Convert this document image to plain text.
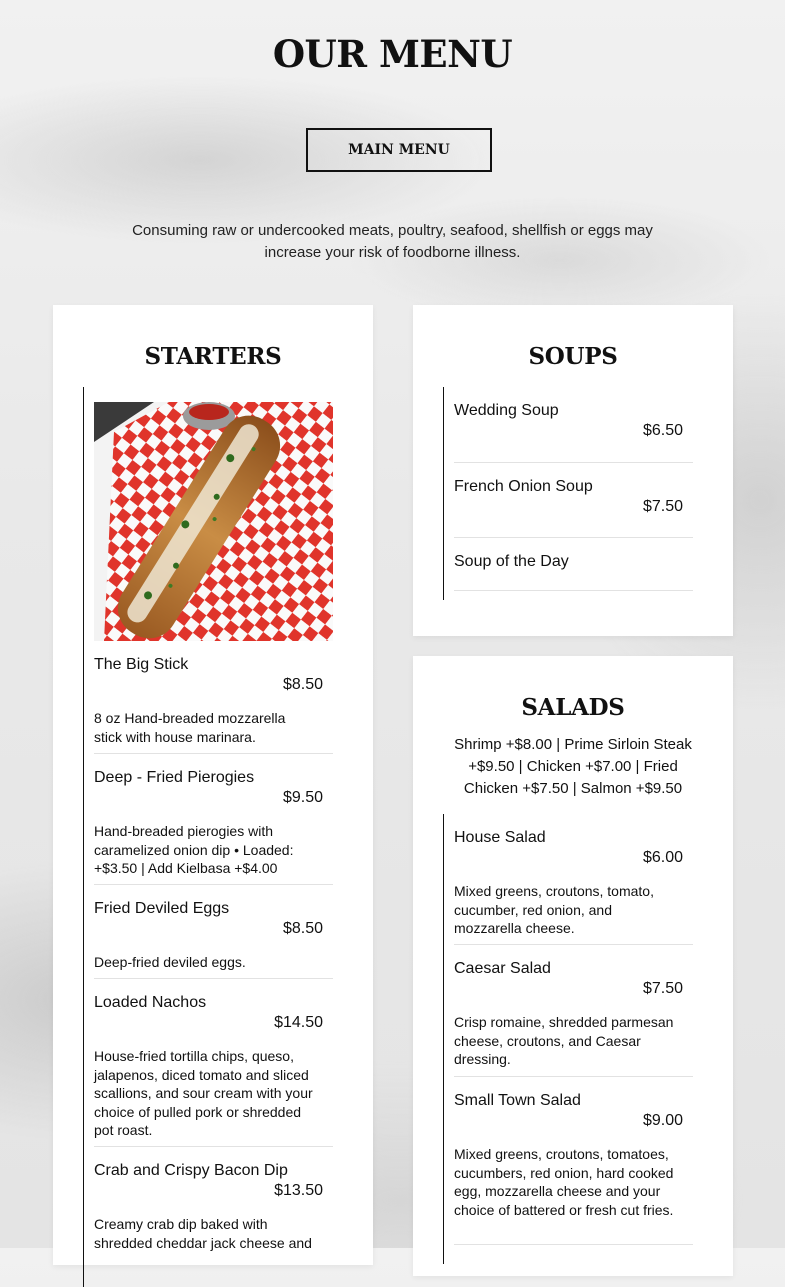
OUR MENU
MAIN MENU
Consuming raw or undercooked meats, poultry, seafood, shellfish or eggs may increase your risk of foodborne illness.
STARTERS
The Big Stick
$8.50
8 oz Hand-breaded mozzarella stick with house marinara.
Deep - Fried Pierogies
$9.50
Hand-breaded pierogies with caramelized onion dip • Loaded: +$3.50 | Add Kielbasa +$4.00
Fried Deviled Eggs
$8.50
Deep-fried deviled eggs.
Loaded Nachos
$14.50
House-fried tortilla chips, queso, jalapenos, diced tomato and sliced scallions, and sour cream with your choice of pulled pork or shredded pot roast.
Crab and Crispy Bacon Dip
$13.50
Creamy crab dip baked with shredded cheddar jack cheese and
SOUPS
Wedding Soup
$6.50
French Onion Soup
$7.50
Soup of the Day
SALADS
Shrimp +$8.00 | Prime Sirloin Steak +$9.50 | Chicken +$7.00 | Fried Chicken +$7.50 | Salmon +$9.50
House Salad
$6.00
Mixed greens, croutons, tomato, cucumber, red onion, and mozzarella cheese.
Caesar Salad
$7.50
Crisp romaine, shredded parmesan cheese, croutons, and Caesar dressing.
Small Town Salad
$9.00
Mixed greens, croutons, tomatoes, cucumbers, red onion, hard cooked egg, mozzarella cheese and your choice of battered or fresh cut fries.
